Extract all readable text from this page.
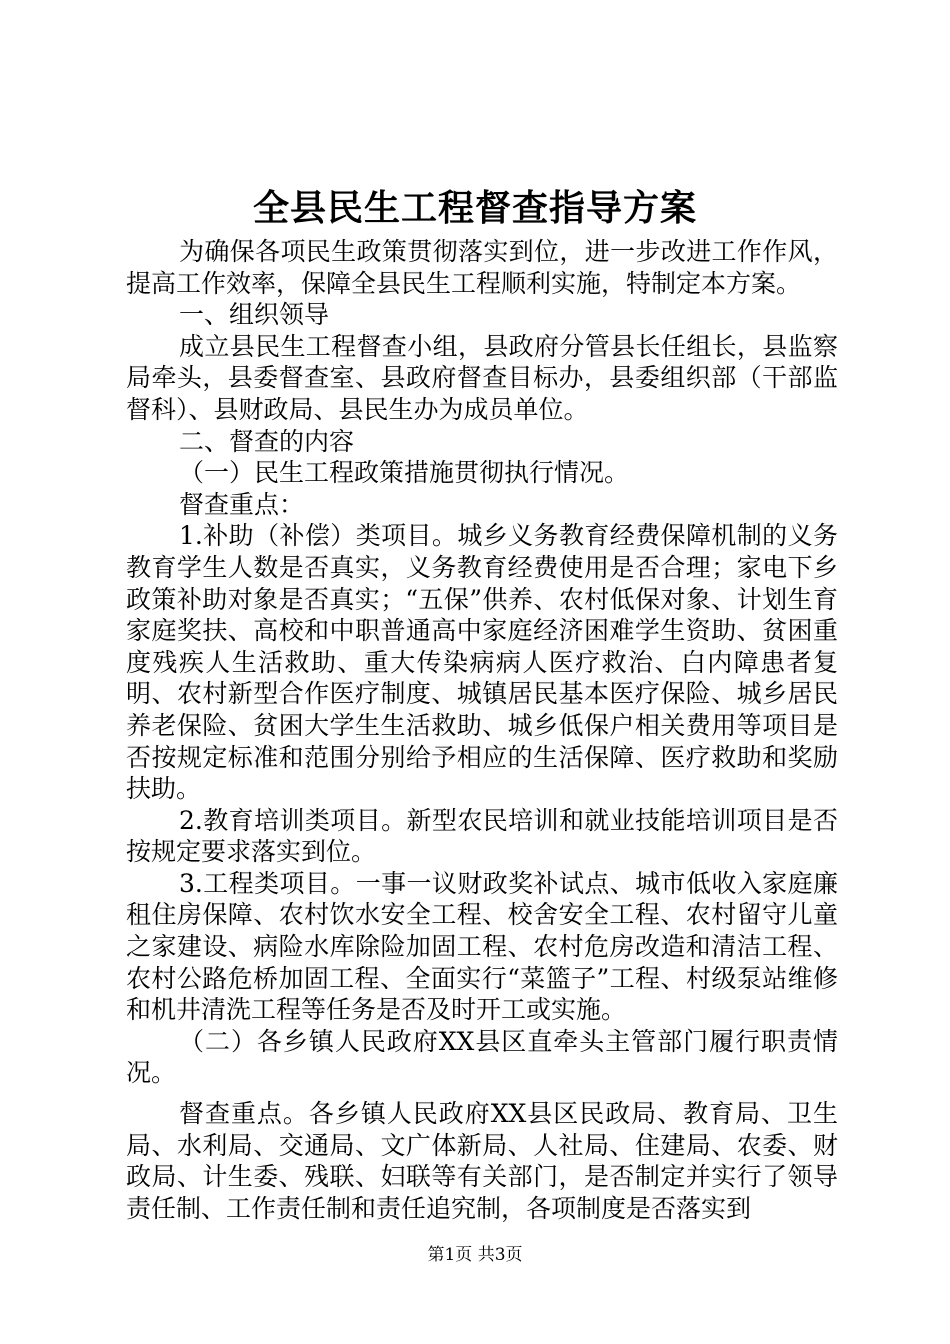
全县民生工程督查指导方案

为确保各项民生政策贯彻落实到位，进一步改进工作作风，提高工作效率，保障全县民生工程顺利实施，特制定本方案。

一、组织领导

成立县民生工程督查小组，县政府分管县长任组长，县监察局牵头，县委督查室、县政府督查目标办，县委组织部（干部监督科）、县财政局、县民生办为成员单位。

二、督查的内容

（一）民生工程政策措施贯彻执行情况。

督查重点：

1.补助（补偿）类项目。城乡义务教育经费保障机制的义务教育学生人数是否真实，义务教育经费使用是否合理；家电下乡政策补助对象是否真实；“五保”供养、农村低保对象、计划生育家庭奖扶、高校和中职普通高中家庭经济困难学生资助、贫困重度残疾人生活救助、重大传染病病人医疗救治、白内障患者复明、农村新型合作医疗制度、城镇居民基本医疗保险、城乡居民养老保险、贫困大学生生活救助、城乡低保户相关费用等项目是否按规定标准和范围分别给予相应的生活保障、医疗救助和奖励扶助。

2.教育培训类项目。新型农民培训和就业技能培训项目是否按规定要求落实到位。

3.工程类项目。一事一议财政奖补试点、城市低收入家庭廉租住房保障、农村饮水安全工程、校舍安全工程、农村留守儿童之家建设、病险水库除险加固工程、农村危房改造和清洁工程、农村公路危桥加固工程、全面实行“菜篮子”工程、村级泵站维修和机井清洗工程等任务是否及时开工或实施。

（二）各乡镇人民政府XX县区直牵头主管部门履行职责情况。

督查重点。各乡镇人民政府XX县区民政局、教育局、卫生局、水利局、交通局、文广体新局、人社局、住建局、农委、财政局、计生委、残联、妇联等有关部门，是否制定并实行了领导责任制、工作责任制和责任追究制，各项制度是否落实到

第1页 共3页
